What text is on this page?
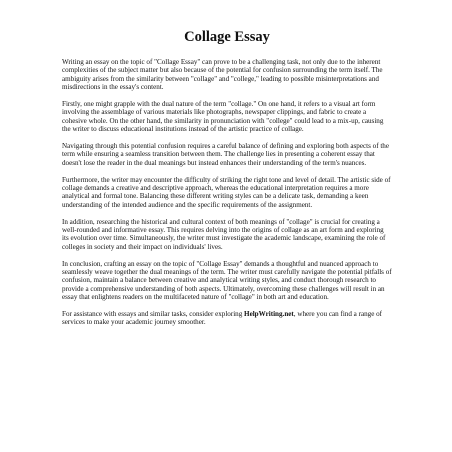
Collage Essay

Writing an essay on the topic of "Collage Essay" can prove to be a challenging task, not only due to the inherent complexities of the subject matter but also because of the potential for confusion surrounding the term itself. The ambiguity arises from the similarity between "collage" and "college," leading to possible misinterpretations and misdirections in the essay's content.

Firstly, one might grapple with the dual nature of the term "collage." On one hand, it refers to a visual art form involving the assemblage of various materials like photographs, newspaper clippings, and fabric to create a cohesive whole. On the other hand, the similarity in pronunciation with "college" could lead to a mix-up, causing the writer to discuss educational institutions instead of the artistic practice of collage.

Navigating through this potential confusion requires a careful balance of defining and exploring both aspects of the term while ensuring a seamless transition between them. The challenge lies in presenting a coherent essay that doesn't lose the reader in the dual meanings but instead enhances their understanding of the term's nuances.

Furthermore, the writer may encounter the difficulty of striking the right tone and level of detail. The artistic side of collage demands a creative and descriptive approach, whereas the educational interpretation requires a more analytical and formal tone. Balancing these different writing styles can be a delicate task, demanding a keen understanding of the intended audience and the specific requirements of the assignment.

In addition, researching the historical and cultural context of both meanings of "collage" is crucial for creating a well-rounded and informative essay. This requires delving into the origins of collage as an art form and exploring its evolution over time. Simultaneously, the writer must investigate the academic landscape, examining the role of colleges in society and their impact on individuals' lives.

In conclusion, crafting an essay on the topic of "Collage Essay" demands a thoughtful and nuanced approach to seamlessly weave together the dual meanings of the term. The writer must carefully navigate the potential pitfalls of confusion, maintain a balance between creative and analytical writing styles, and conduct thorough research to provide a comprehensive understanding of both aspects. Ultimately, overcoming these challenges will result in an essay that enlightens readers on the multifaceted nature of "collage" in both art and education.

For assistance with essays and similar tasks, consider exploring HelpWriting.net, where you can find a range of services to make your academic journey smoother.
